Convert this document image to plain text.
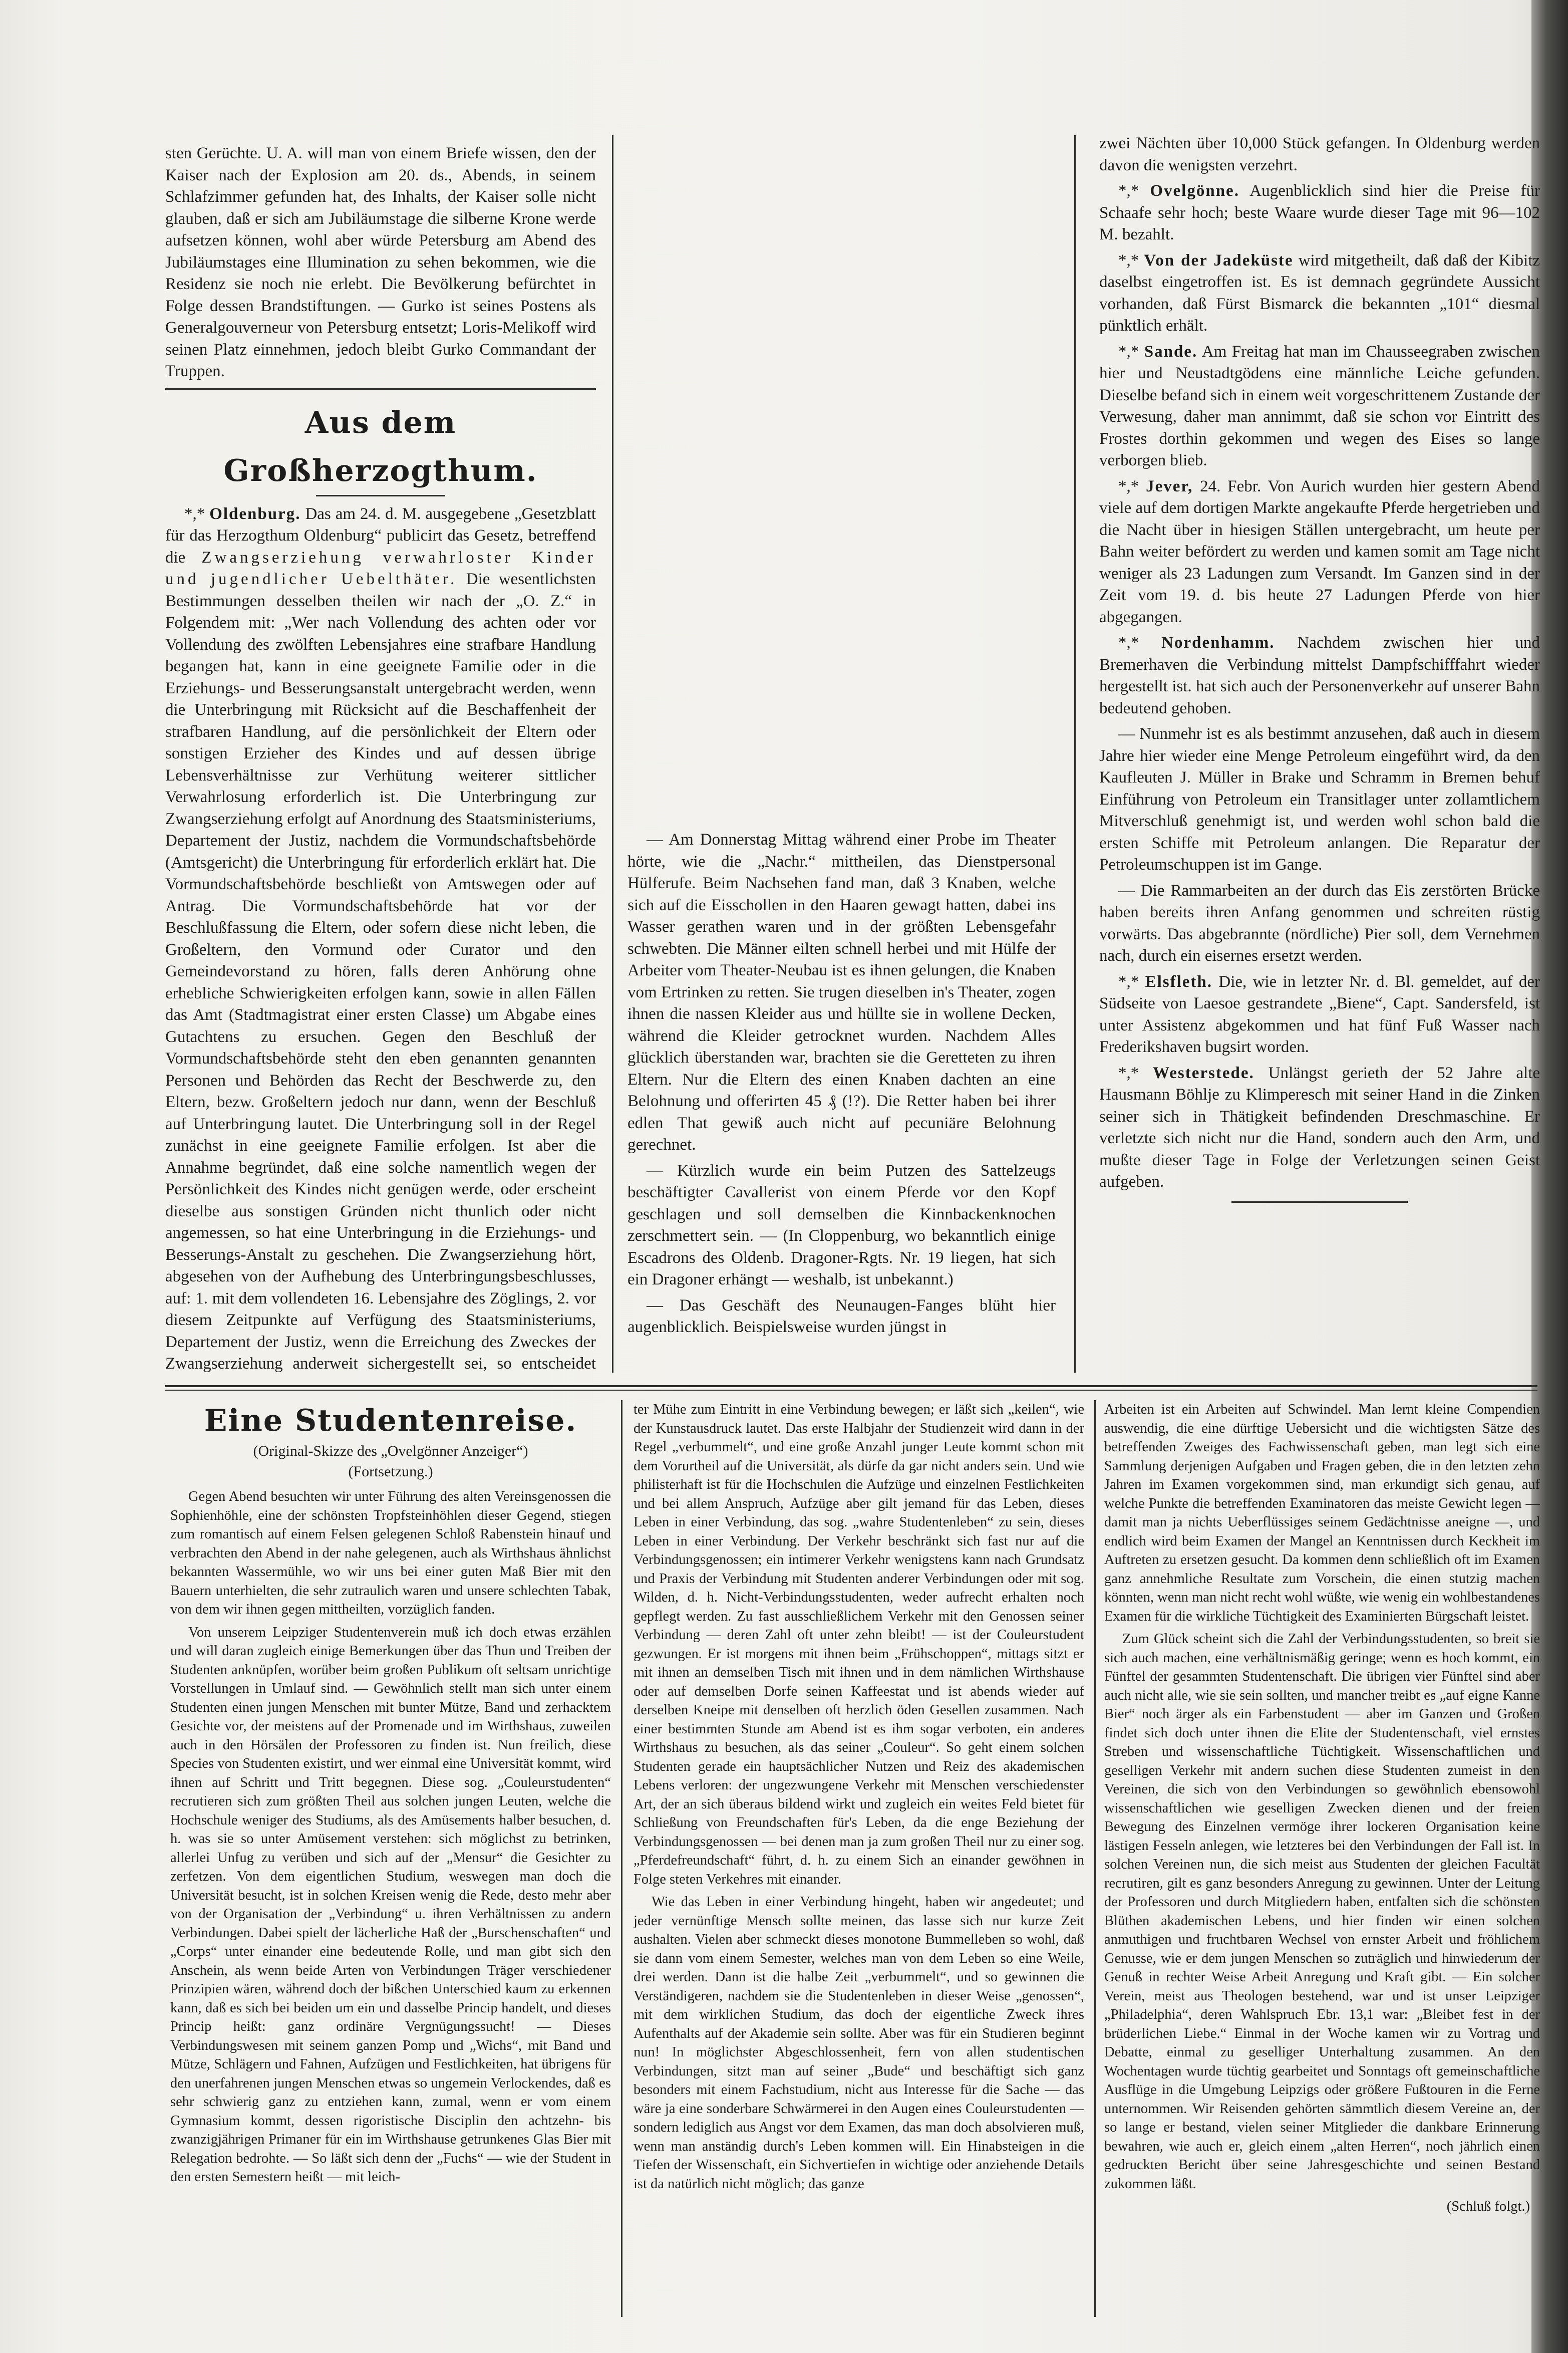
sten Gerüchte. U. A. will man von einem Briefe wissen, den der Kaiser nach der Explosion am 20. ds., Abends, in seinem Schlafzimmer gefunden hat, des Inhalts, der Kaiser solle nicht glauben, daß er sich am Jubiläumstage die silberne Krone werde aufsetzen können, wohl aber würde Petersburg am Abend des Jubiläumstages eine Illumination zu sehen bekommen, wie die Residenz sie noch nie erlebt. Die Bevölkerung befürchtet in Folge dessen Brandstiftungen. — Gurko ist seines Postens als Generalgouverneur von Petersburg entsetzt; Loris-Melikoff wird seinen Platz einnehmen, jedoch bleibt Gurko Commandant der Truppen.

Aus dem Großherzogthum.

*,* Oldenburg. Das am 24. d. M. ausgegebene „Gesetzblatt für das Herzogthum Oldenburg“ publicirt das Gesetz, betreffend die Zwangserziehung verwahrloster Kinder und jugendlicher Uebelthäter. Die wesentlichsten Bestimmungen desselben theilen wir nach der „O. Z.“ in Folgendem mit: „Wer nach Vollendung des achten oder vor Vollendung des zwölften Lebensjahres eine strafbare Handlung begangen hat, kann in eine geeignete Familie oder in die Erziehungs- und Besserungsanstalt untergebracht werden, wenn die Unterbringung mit Rücksicht auf die Beschaffenheit der strafbaren Handlung, auf die persönlichkeit der Eltern oder sonstigen Erzieher des Kindes und auf dessen übrige Lebensverhältnisse zur Verhütung weiterer sittlicher Verwahrlosung erforderlich ist. Die Unterbringung zur Zwangserziehung erfolgt auf Anordnung des Staatsministeriums, Departement der Justiz, nachdem die Vormundschaftsbehörde (Amtsgericht) die Unterbringung für erforderlich erklärt hat. Die Vormundschaftsbehörde beschließt von Amtswegen oder auf Antrag. Die Vormundschaftsbehörde hat vor der Beschlußfassung die Eltern, oder sofern diese nicht leben, die Großeltern, den Vormund oder Curator und den Gemeindevorstand zu hören, falls deren Anhörung ohne erhebliche Schwierigkeiten erfolgen kann, sowie in allen Fällen das Amt (Stadtmagistrat einer ersten Classe) um Abgabe eines Gutachtens zu ersuchen. Gegen den Beschluß der Vormundschaftsbehörde steht den eben genannten genannten Personen und Behörden das Recht der Beschwerde zu, den Eltern, bezw. Großeltern jedoch nur dann, wenn der Beschluß auf Unterbringung lautet. Die Unterbringung soll in der Regel zunächst in eine geeignete Familie erfolgen. Ist aber die Annahme begründet, daß eine solche namentlich wegen der Persönlichkeit des Kindes nicht genügen werde, oder erscheint dieselbe aus sonstigen Gründen nicht thunlich oder nicht angemessen, so hat eine Unterbringung in die Erziehungs- und Besserungs-Anstalt zu geschehen. Die Zwangserziehung hört, abgesehen von der Aufhebung des Unterbringungsbeschlusses, auf: 1. mit dem vollendeten 16. Lebensjahre des Zöglings, 2. vor diesem Zeitpunkte auf Verfügung des Staatsministeriums, Departement der Justiz, wenn die Erreichung des Zweckes der Zwangserziehung anderweit sichergestellt sei, so entscheidet

— Am Donnerstag Mittag während einer Probe im Theater hörte, wie die „Nachr.“ mittheilen, das Dienstpersonal Hülferufe. Beim Nachsehen fand man, daß 3 Knaben, welche sich auf die Eisschollen in den Haaren gewagt hatten, dabei ins Wasser gerathen waren und in der größten Lebensgefahr schwebten. Die Männer eilten schnell herbei und mit Hülfe der Arbeiter vom Theater-Neubau ist es ihnen gelungen, die Knaben vom Ertrinken zu retten. Sie trugen dieselben in's Theater, zogen ihnen die nassen Kleider aus und hüllte sie in wollene Decken, während die Kleider getrocknet wurden. Nachdem Alles glücklich überstanden war, brachten sie die Geretteten zu ihren Eltern. Nur die Eltern des einen Knaben dachten an eine Belohnung und offerirten 45 ₰ (!?). Die Retter haben bei ihrer edlen That gewiß auch nicht auf pecuniäre Belohnung gerechnet.

— Kürzlich wurde ein beim Putzen des Sattelzeugs beschäftigter Cavallerist von einem Pferde vor den Kopf geschlagen und soll demselben die Kinnbackenknochen zerschmettert sein. — (In Cloppenburg, wo bekanntlich einige Escadrons des Oldenb. Dragoner-Rgts. Nr. 19 liegen, hat sich ein Dragoner erhängt — weshalb, ist unbekannt.)

— Das Geschäft des Neunaugen-Fanges blüht hier augenblicklich. Beispielsweise wurden jüngst in

zwei Nächten über 10,000 Stück gefangen. In Oldenburg werden davon die wenigsten verzehrt.

*,* Ovelgönne. Augenblicklich sind hier die Preise für Schaafe sehr hoch; beste Waare wurde dieser Tage mit 96—102 M. bezahlt.

*,* Von der Jadeküste wird mitgetheilt, daß daß der Kibitz daselbst eingetroffen ist. Es ist demnach gegründete Aussicht vorhanden, daß Fürst Bismarck die bekannten „101“ diesmal pünktlich erhält.

*,* Sande. Am Freitag hat man im Chausseegraben zwischen hier und Neustadtgödens eine männliche Leiche gefunden. Dieselbe befand sich in einem weit vorgeschrittenem Zustande der Verwesung, daher man annimmt, daß sie schon vor Eintritt des Frostes dorthin gekommen und wegen des Eises so lange verborgen blieb.

*,* Jever, 24. Febr. Von Aurich wurden hier gestern Abend viele auf dem dortigen Markte angekaufte Pferde hergetrieben und die Nacht über in hiesigen Ställen untergebracht, um heute per Bahn weiter befördert zu werden und kamen somit am Tage nicht weniger als 23 Ladungen zum Versandt. Im Ganzen sind in der Zeit vom 19. d. bis heute 27 Ladungen Pferde von hier abgegangen.

*,* Nordenhamm. Nachdem zwischen hier und Bremerhaven die Verbindung mittelst Dampfschifffahrt wieder hergestellt ist. hat sich auch der Personenverkehr auf unserer Bahn bedeutend gehoben.

— Nunmehr ist es als bestimmt anzusehen, daß auch in diesem Jahre hier wieder eine Menge Petroleum eingeführt wird, da den Kaufleuten J. Müller in Brake und Schramm in Bremen behuf Einführung von Petroleum ein Transitlager unter zollamtlichem Mitverschluß genehmigt ist, und werden wohl schon bald die ersten Schiffe mit Petroleum anlangen. Die Reparatur der Petroleumschuppen ist im Gange.

— Die Rammarbeiten an der durch das Eis zerstörten Brücke haben bereits ihren Anfang genommen und schreiten rüstig vorwärts. Das abgebrannte (nördliche) Pier soll, dem Vernehmen nach, durch ein eisernes ersetzt werden.

*,* Elsfleth. Die, wie in letzter Nr. d. Bl. gemeldet, auf der Südseite von Laesoe gestrandete „Biene“, Capt. Sandersfeld, ist unter Assistenz abgekommen und hat fünf Fuß Wasser nach Frederikshaven bugsirt worden.

*,* Westerstede. Unlängst gerieth der 52 Jahre alte Hausmann Böhlje zu Klimperesch mit seiner Hand in die Zinken seiner sich in Thätigkeit befindenden Dreschmaschine. Er verletzte sich nicht nur die Hand, sondern auch den Arm, und mußte dieser Tage in Folge der Verletzungen seinen Geist aufgeben.

Eine Studentenreise.
(Original-Skizze des „Ovelgönner Anzeiger“)
(Fortsetzung.)

Gegen Abend besuchten wir unter Führung des alten Vereinsgenossen die Sophienhöhle, eine der schönsten Tropfsteinhöhlen dieser Gegend, stiegen zum romantisch auf einem Felsen gelegenen Schloß Rabenstein hinauf und verbrachten den Abend in der nahe gelegenen, auch als Wirthshaus ähnlichst bekannten Wassermühle, wo wir uns bei einer guten Maß Bier mit den Bauern unterhielten, die sehr zutraulich waren und unsere schlechten Tabak, von dem wir ihnen gegen mittheilten, vorzüglich fanden.

Von unserem Leipziger Studentenverein muß ich doch etwas erzählen und will daran zugleich einige Bemerkungen über das Thun und Treiben der Studenten anknüpfen, worüber beim großen Publikum oft seltsam unrichtige Vorstellungen in Umlauf sind. — Gewöhnlich stellt man sich unter einem Studenten einen jungen Menschen mit bunter Mütze, Band und zerhacktem Gesichte vor, der meistens auf der Promenade und im Wirthshaus, zuweilen auch in den Hörsälen der Professoren zu finden ist. Nun freilich, diese Species von Studenten existirt, und wer einmal eine Universität kommt, wird ihnen auf Schritt und Tritt begegnen. Diese sog. „Couleurstudenten“ recrutieren sich zum größten Theil aus solchen jungen Leuten, welche die Hochschule weniger des Studiums, als des Amüsements halber besuchen, d. h. was sie so unter Amüsement verstehen: sich möglichst zu betrinken, allerlei Unfug zu verüben und sich auf der „Mensur“ die Gesichter zu zerfetzen. Von dem eigentlichen Studium, weswegen man doch die Universität besucht, ist in solchen Kreisen wenig die Rede, desto mehr aber von der Organisation der „Verbindung“ u. ihren Verhältnissen zu andern Verbindungen. Dabei spielt der lächerliche Haß der „Burschenschaften“ und „Corps“ unter einander eine bedeutende Rolle, und man gibt sich den Anschein, als wenn beide Arten von Verbindungen Träger verschiedener Prinzipien wären, während doch der bißchen Unterschied kaum zu erkennen kann, daß es sich bei beiden um ein und dasselbe Princip handelt, und dieses Princip heißt: ganz ordinäre Vergnügungssucht! — Dieses Verbindungswesen mit seinem ganzen Pomp und „Wichs“, mit Band und Mütze, Schlägern und Fahnen, Aufzügen und Festlichkeiten, hat übrigens für den unerfahrenen jungen Menschen etwas so ungemein Verlockendes, daß es sehr schwierig ganz zu entziehen kann, zumal, wenn er vom einem Gymnasium kommt, dessen rigoristische Disciplin den achtzehn- bis zwanzigjährigen Primaner für ein im Wirthshause getrunkenes Glas Bier mit Relegation bedrohte. — So läßt sich denn der „Fuchs“ — wie der Student in den ersten Semestern heißt — mit leich-

ter Mühe zum Eintritt in eine Verbindung bewegen; er läßt sich „keilen“, wie der Kunstausdruck lautet. Das erste Halbjahr der Studienzeit wird dann in der Regel „verbummelt“, und eine große Anzahl junger Leute kommt schon mit dem Vorurtheil auf die Universität, als dürfe da gar nicht anders sein. Und wie philisterhaft ist für die Hochschulen die Aufzüge und einzelnen Festlichkeiten und bei allem Anspruch, Aufzüge aber gilt jemand für das Leben, dieses Leben in einer Verbindung, das sog. „wahre Studentenleben“ zu sein, dieses Leben in einer Verbindung. Der Verkehr beschränkt sich fast nur auf die Verbindungsgenossen; ein intimerer Verkehr wenigstens kann nach Grundsatz und Praxis der Verbindung mit Studenten anderer Verbindungen oder mit sog. Wilden, d. h. Nicht-Verbindungsstudenten, weder aufrecht erhalten noch gepflegt werden. Zu fast ausschließlichem Verkehr mit den Genossen seiner Verbindung — deren Zahl oft unter zehn bleibt! — ist der Couleurstudent gezwungen. Er ist morgens mit ihnen beim „Frühschoppen“, mittags sitzt er mit ihnen an demselben Tisch mit ihnen und in dem nämlichen Wirthshause oder auf demselben Dorfe seinen Kaffeestat und ist abends wieder auf derselben Kneipe mit denselben oft herzlich öden Gesellen zusammen. Nach einer bestimmten Stunde am Abend ist es ihm sogar verboten, ein anderes Wirthshaus zu besuchen, als das seiner „Couleur“. So geht einem solchen Studenten gerade ein hauptsächlicher Nutzen und Reiz des akademischen Lebens verloren: der ungezwungene Verkehr mit Menschen verschiedenster Art, der an sich überaus bildend wirkt und zugleich ein weites Feld bietet für Schließung von Freundschaften für's Leben, da die enge Beziehung der Verbindungsgenossen — bei denen man ja zum großen Theil nur zu einer sog. „Pferdefreundschaft“ führt, d. h. zu einem Sich an einander gewöhnen in Folge steten Verkehres mit einander.

Wie das Leben in einer Verbindung hingeht, haben wir angedeutet; und jeder vernünftige Mensch sollte meinen, das lasse sich nur kurze Zeit aushalten. Vielen aber schmeckt dieses monotone Bummelleben so wohl, daß sie dann vom einem Semester, welches man von dem Leben so eine Weile, drei werden. Dann ist die halbe Zeit „verbummelt“, und so gewinnen die Verständigeren, nachdem sie die Studentenleben in dieser Weise „genossen“, mit dem wirklichen Studium, das doch der eigentliche Zweck ihres Aufenthalts auf der Akademie sein sollte. Aber was für ein Studieren beginnt nun! In möglichster Abgeschlossenheit, fern von allen studentischen Verbindungen, sitzt man auf seiner „Bude“ und beschäftigt sich ganz besonders mit einem Fachstudium, nicht aus Interesse für die Sache — das wäre ja eine sonderbare Schwärmerei in den Augen eines Couleurstudenten — sondern lediglich aus Angst vor dem Examen, das man doch absolvieren muß, wenn man anständig durch's Leben kommen will. Ein Hinabsteigen in die Tiefen der Wissenschaft, ein Sichvertiefen in wichtige oder anziehende Details ist da natürlich nicht möglich; das ganze

Arbeiten ist ein Arbeiten auf Schwindel. Man lernt kleine Compendien auswendig, die eine dürftige Uebersicht und die wichtigsten Sätze des betreffenden Zweiges des Fachwissenschaft geben, man legt sich eine Sammlung derjenigen Aufgaben und Fragen geben, die in den letzten zehn Jahren im Examen vorgekommen sind, man erkundigt sich genau, auf welche Punkte die betreffenden Examinatoren das meiste Gewicht legen — damit man ja nichts Ueberflüssiges seinem Gedächtnisse aneigne —, und endlich wird beim Examen der Mangel an Kenntnissen durch Keckheit im Auftreten zu ersetzen gesucht. Da kommen denn schließlich oft im Examen ganz annehmliche Resultate zum Vorschein, die einen stutzig machen könnten, wenn man nicht recht wohl wüßte, wie wenig ein wohlbestandenes Examen für die wirkliche Tüchtigkeit des Examinierten Bürgschaft leistet.

Zum Glück scheint sich die Zahl der Verbindungsstudenten, so breit sie sich auch machen, eine verhältnismäßig geringe; wenn es hoch kommt, ein Fünftel der gesammten Studentenschaft. Die übrigen vier Fünftel sind aber auch nicht alle, wie sie sein sollten, und mancher treibt es „auf eigne Kanne Bier“ noch ärger als ein Farbenstudent — aber im Ganzen und Großen findet sich doch unter ihnen die Elite der Studentenschaft, viel ernstes Streben und wissenschaftliche Tüchtigkeit. Wissenschaftlichen und geselligen Verkehr mit andern suchen diese Studenten zumeist in den Vereinen, die sich von den Verbindungen so gewöhnlich ebensowohl wissenschaftlichen wie geselligen Zwecken dienen und der freien Bewegung des Einzelnen vermöge ihrer lockeren Organisation keine lästigen Fesseln anlegen, wie letzteres bei den Verbindungen der Fall ist. In solchen Vereinen nun, die sich meist aus Studenten der gleichen Facultät recrutiren, gilt es ganz besonders Anregung zu gewinnen. Unter der Leitung der Professoren und durch Mitgliedern haben, entfalten sich die schönsten Blüthen akademischen Lebens, und hier finden wir einen solchen anmuthigen und fruchtbaren Wechsel von ernster Arbeit und fröhlichem Genusse, wie er dem jungen Menschen so zuträglich und hinwiederum der Genuß in rechter Weise Arbeit Anregung und Kraft gibt. — Ein solcher Verein, meist aus Theologen bestehend, war und ist unser Leipziger „Philadelphia“, deren Wahlspruch Ebr. 13,1 war: „Bleibet fest in der brüderlichen Liebe.“ Einmal in der Woche kamen wir zu Vortrag und Debatte, einmal zu geselliger Unterhaltung zusammen. An den Wochentagen wurde tüchtig gearbeitet und Sonntags oft gemeinschaftliche Ausflüge in die Umgebung Leipzigs oder größere Fußtouren in die Ferne unternommen. Wir Reisenden gehörten sämmtlich diesem Vereine an, der so lange er bestand, vielen seiner Mitglieder die dankbare Erinnerung bewahren, wie auch er, gleich einem „alten Herren“, noch jährlich einen gedruckten Bericht über seine Jahresgeschichte und seinen Bestand zukommen läßt.

(Schluß folgt.)
